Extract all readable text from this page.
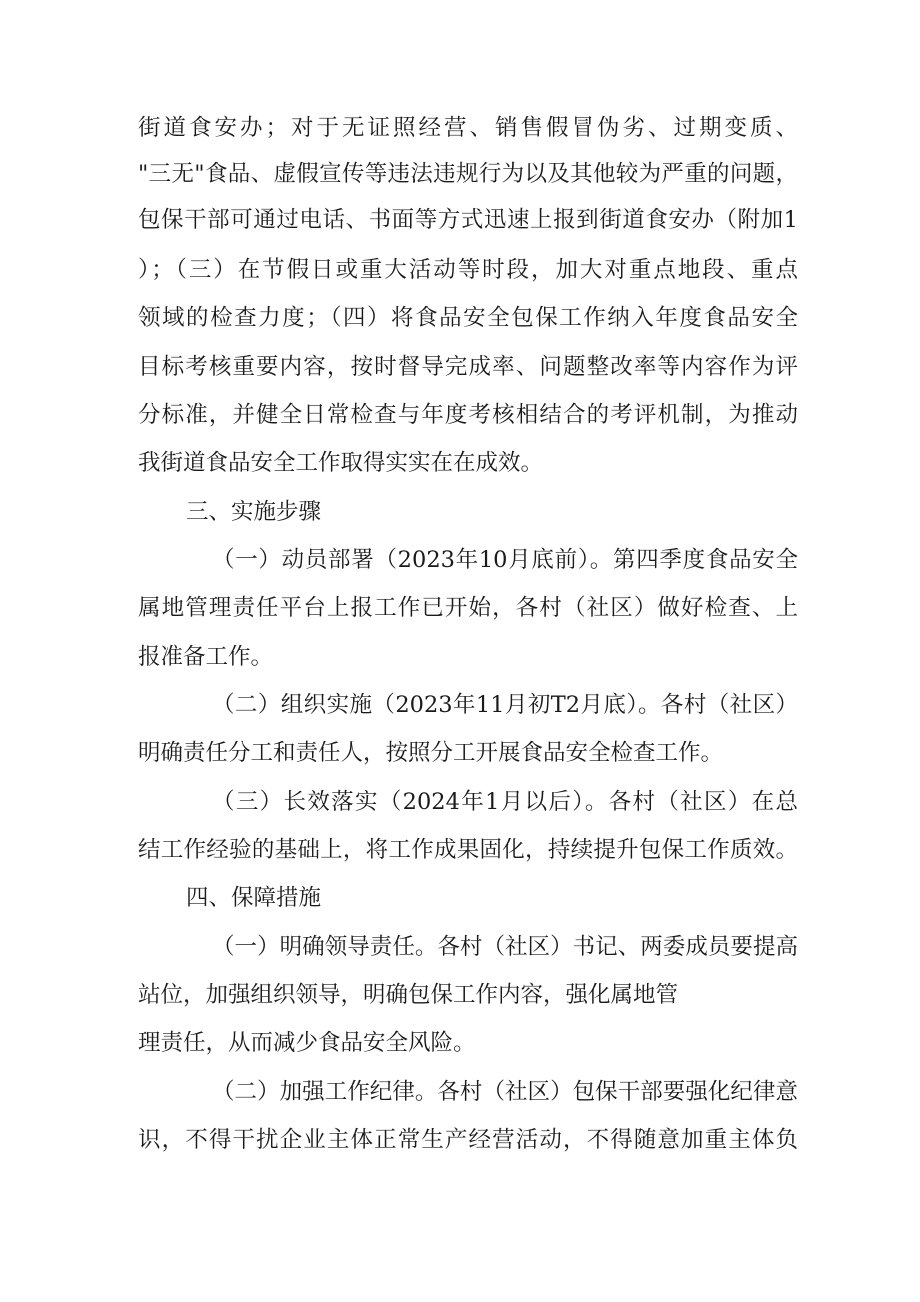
街道食安办；对于无证照经营、销售假冒伪劣、过期变质、
"三无"食品、虚假宣传等违法违规行为以及其他较为严重的问题，
包保干部可通过电话、书面等方式迅速上报到街道食安办（附加1
）；（三）在节假日或重大活动等时段，加大对重点地段、重点
领域的检查力度；（四）将食品安全包保工作纳入年度食品安全
目标考核重要内容，按时督导完成率、问题整改率等内容作为评
分标准，并健全日常检查与年度考核相结合的考评机制，为推动
我街道食品安全工作取得实实在在成效。
三、实施步骤
（一）动员部署（2023年10月底前）。第四季度食品安全
属地管理责任平台上报工作已开始，各村（社区）做好检查、上
报准备工作。
（二）组织实施（2023年11月初T2月底）。各村（社区）
明确责任分工和责任人，按照分工开展食品安全检查工作。
（三）长效落实（2024年1月以后）。各村（社区）在总
结工作经验的基础上，将工作成果固化，持续提升包保工作质效。
四、保障措施
（一）明确领导责任。各村（社区）书记、两委成员要提高
站位，加强组织领导，明确包保工作内容，强化属地管
理责任，从而减少食品安全风险。
（二）加强工作纪律。各村（社区）包保干部要强化纪律意
识，不得干扰企业主体正常生产经营活动，不得随意加重主体负
